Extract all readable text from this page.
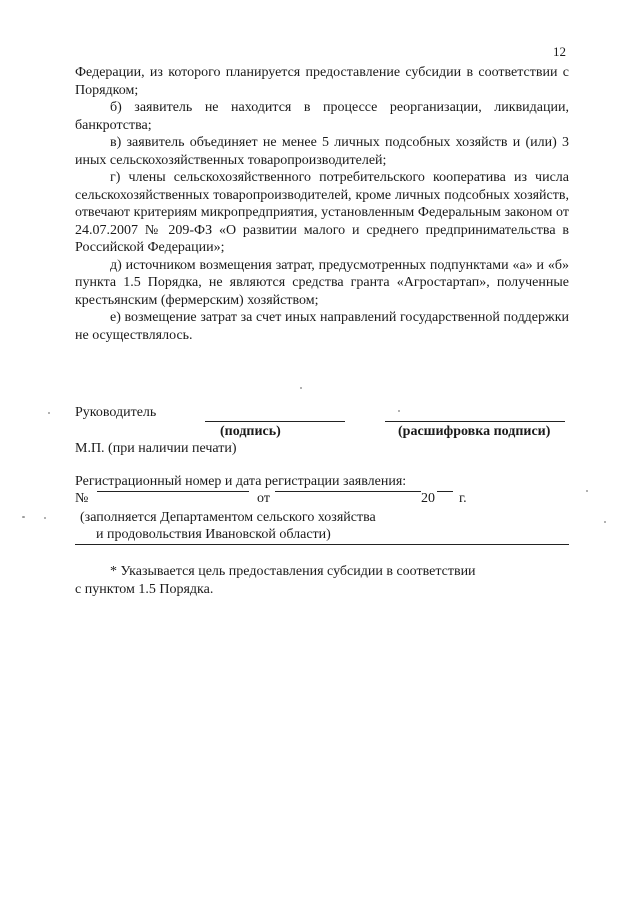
12

Федерации, из которого планируется предоставление субсидии в соответствии с Порядком;

б) заявитель не находится в процессе реорганизации, ликвидации, банкротства;

в) заявитель объединяет не менее 5 личных подсобных хозяйств и (или) 3 иных сельскохозяйственных товаропроизводителей;

г) члены сельскохозяйственного потребительского кооператива из числа сельскохозяйственных товаропроизводителей, кроме личных подсобных хозяйств, отвечают критериям микропредприятия, установленным Федеральным законом от 24.07.2007 № 209-ФЗ «О развитии малого и среднего предпринимательства в Российской Федерации»;

д) источником возмещения затрат, предусмотренных подпунктами «а» и «б» пункта 1.5 Порядка, не являются средства гранта «Агростартап», полученные крестьянским (фермерским) хозяйством;

е) возмещение затрат за счет иных направлений государственной поддержки не осуществлялось.

Руководитель
(подпись)	(расшифровка подписи)
М.П. (при наличии печати)
Регистрационный номер и дата регистрации заявления:
№	от	20 г.
(заполняется Департаментом сельского хозяйства
и продовольствия Ивановской области)

* Указывается цель предоставления субсидии в соответствии

с пунктом 1.5 Порядка.
